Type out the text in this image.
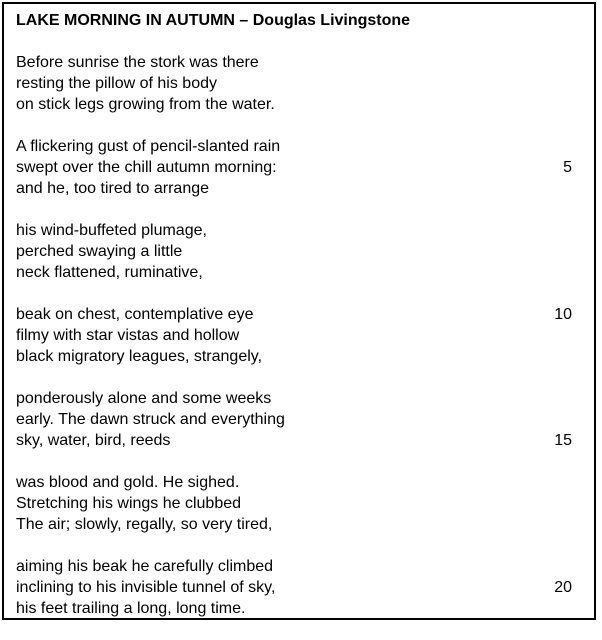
LAKE MORNING IN AUTUMN – Douglas Livingstone
Before sunrise the stork was there
resting the pillow of his body
on stick legs growing from the water.
A flickering gust of pencil-slanted rain
swept over the chill autumn morning:	5
and he, too tired to arrange
his wind-buffeted plumage,
perched swaying a little
neck flattened, ruminative,
beak on chest, contemplative eye	10
filmy with star vistas and hollow
black migratory leagues, strangely,
ponderously alone and some weeks
early. The dawn struck and everything
sky, water, bird, reeds	15
was blood and gold. He sighed.
Stretching his wings he clubbed
The air; slowly, regally, so very tired,
aiming his beak he carefully climbed
inclining to his invisible tunnel of sky,	20
his feet trailing a long, long time.
